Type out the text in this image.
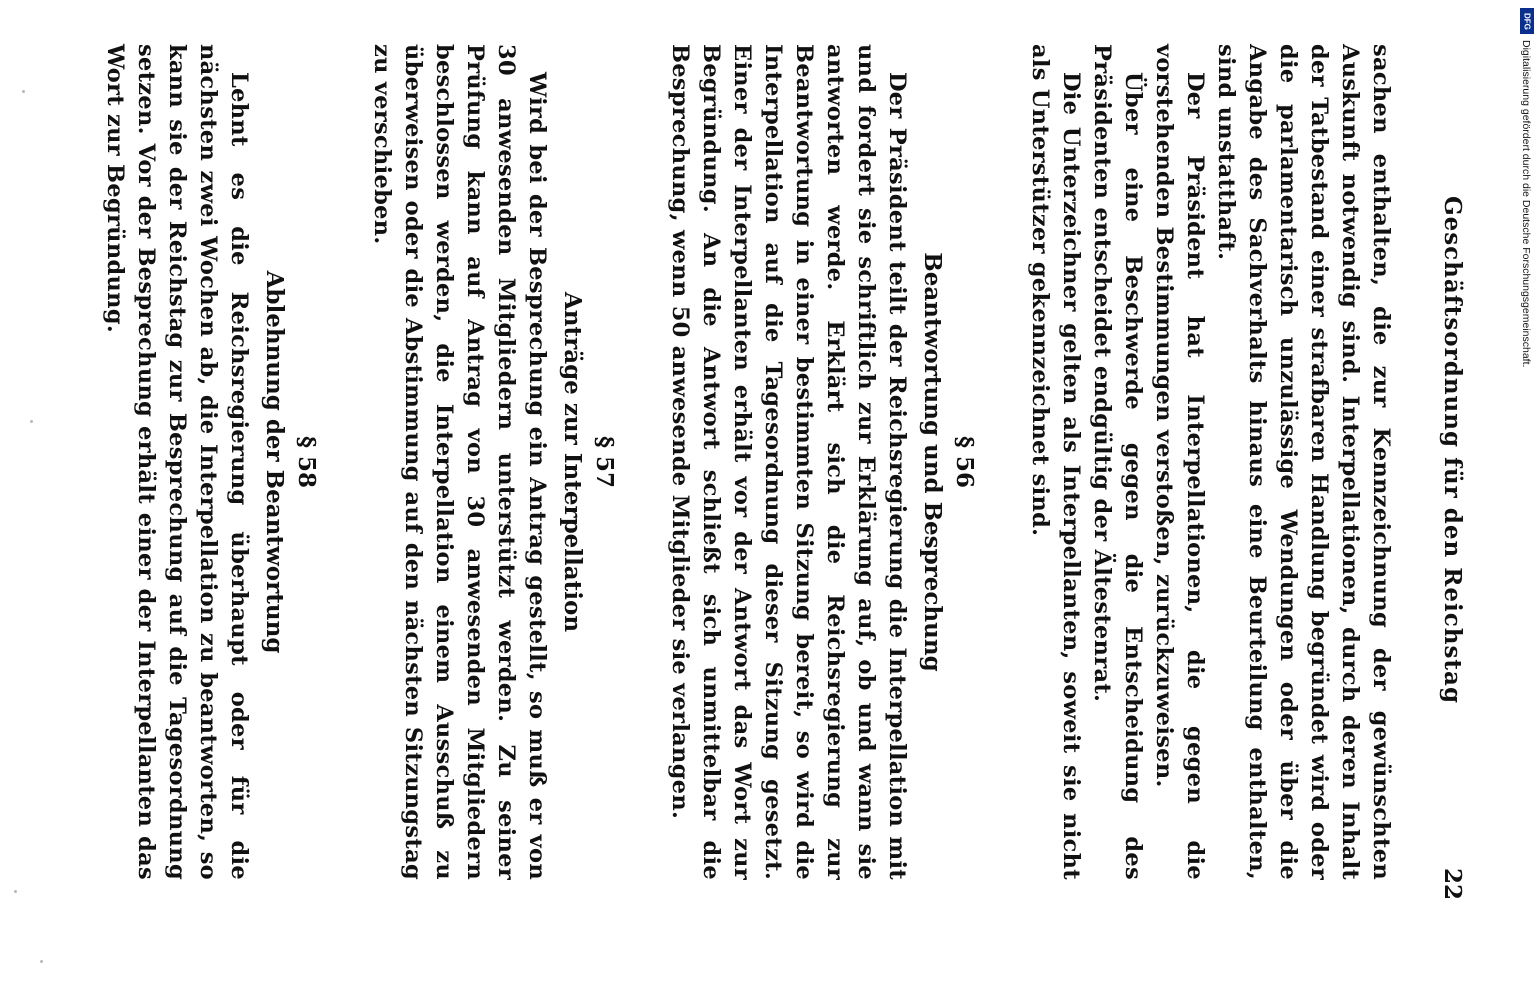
22
Geschäftsordnung für den Reichstag

sachen enthalten, die zur Kennzeichnung der gewünschten Auskunft notwendig sind. Interpellationen, durch deren Inhalt der Tatbestand einer strafbaren Handlung begründet wird oder die parlamentarisch unzulässige Wendungen oder über die Angabe des Sachverhalts hinaus eine Beurteilung enthalten, sind unstatthaft.

Der Präsident hat Interpellationen, die gegen die vorstehenden Bestimmungen verstoßen, zurückzuweisen.

Über eine Beschwerde gegen die Entscheidung des Präsidenten entscheidet endgültig der Ältestenrat.

Die Unterzeichner gelten als Interpellanten, soweit sie nicht als Unterstützer gekennzeichnet sind.

§ 56

Beantwortung und Besprechung

Der Präsident teilt der Reichsregierung die Interpellation mit und fordert sie schriftlich zur Erklärung auf, ob und wann sie antworten werde. Erklärt sich die Reichsregierung zur Beantwortung in einer bestimmten Sitzung bereit, so wird die Interpellation auf die Tagesordnung dieser Sitzung gesetzt. Einer der Interpellanten erhält vor der Antwort das Wort zur Begründung. An die Antwort schließt sich unmittelbar die Besprechung, wenn 50 anwesende Mitglieder sie verlangen.

§ 57

Anträge zur Interpellation

Wird bei der Besprechung ein Antrag gestellt, so muß er von 30 anwesenden Mitgliedern unterstützt werden. Zu seiner Prüfung kann auf Antrag von 30 anwesenden Mitgliedern beschlossen werden, die Interpellation einem Ausschuß zu überweisen oder die Abstimmung auf den nächsten Sitzungstag zu verschieben.

§ 58

Ablehnung der Beantwortung

Lehnt es die Reichsregierung überhaupt oder für die nächsten zwei Wochen ab, die Interpellation zu beantworten, so kann sie der Reichstag zur Besprechung auf die Tagesordnung setzen. Vor der Besprechung erhält einer der Interpellanten das Wort zur Begründung.

DFG
Digitalisierung gefördert durch die Deutsche Forschungsgemeinschaft.
